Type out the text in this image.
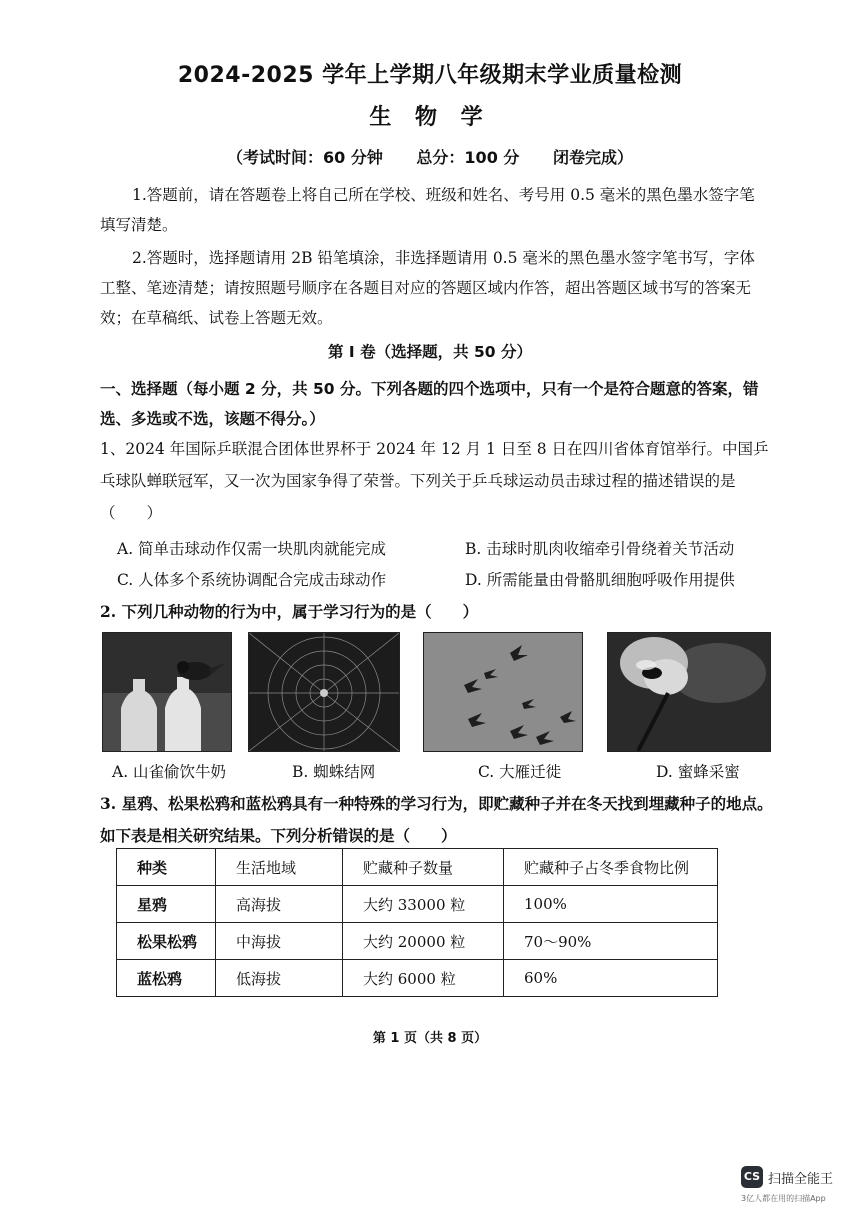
2024-2025 学年上学期八年级期末学业质量检测
生 物 学
（考试时间：60 分钟 总分：100 分 闭卷完成）
1.答题前，请在答题卷上将自己所在学校、班级和姓名、考号用 0.5 毫米的黑色墨水签字笔填写清楚。
2.答题时，选择题请用 2B 铅笔填涂，非选择题请用 0.5 毫米的黑色墨水签字笔书写，字体工整、笔迹清楚；请按照题号顺序在各题目对应的答题区域内作答，超出答题区域书写的答案无效；在草稿纸、试卷上答题无效。
第 I 卷（选择题，共 50 分）
一、选择题（每小题 2 分，共 50 分。下列各题的四个选项中，只有一个是符合题意的答案，错选、多选或不选，该题不得分。）
1、2024 年国际乒联混合团体世界杯于 2024 年 12 月 1 日至 8 日在四川省体育馆举行。中国乒乓球队蝉联冠军，又一次为国家争得了荣誉。下列关于乒乓球运动员击球过程的描述错误的是（　　）
A. 简单击球动作仅需一块肌肉就能完成	B. 击球时肌肉收缩牵引骨绕着关节活动
C. 人体多个系统协调配合完成击球动作	D. 所需能量由骨骼肌细胞呼吸作用提供
2. 下列几种动物的行为中，属于学习行为的是（　　）
A. 山雀偷饮牛奶	B. 蜘蛛结网	C. 大雁迁徙	D. 蜜蜂采蜜
3. 星鸦、松果松鸦和蓝松鸦具有一种特殊的学习行为，即贮藏种子并在冬天找到埋藏种子的地点。如下表是相关研究结果。下列分析错误的是（　　）
种类	生活地域	贮藏种子数量	贮藏种子占冬季食物比例
星鸦	高海拔	大约 33000 粒	100%
松果松鸦	中海拔	大约 20000 粒	70～90%
蓝松鸦	低海拔	大约 6000 粒	60%
第 1 页（共 8 页）
CS 扫描全能王
3亿人都在用的扫描App
